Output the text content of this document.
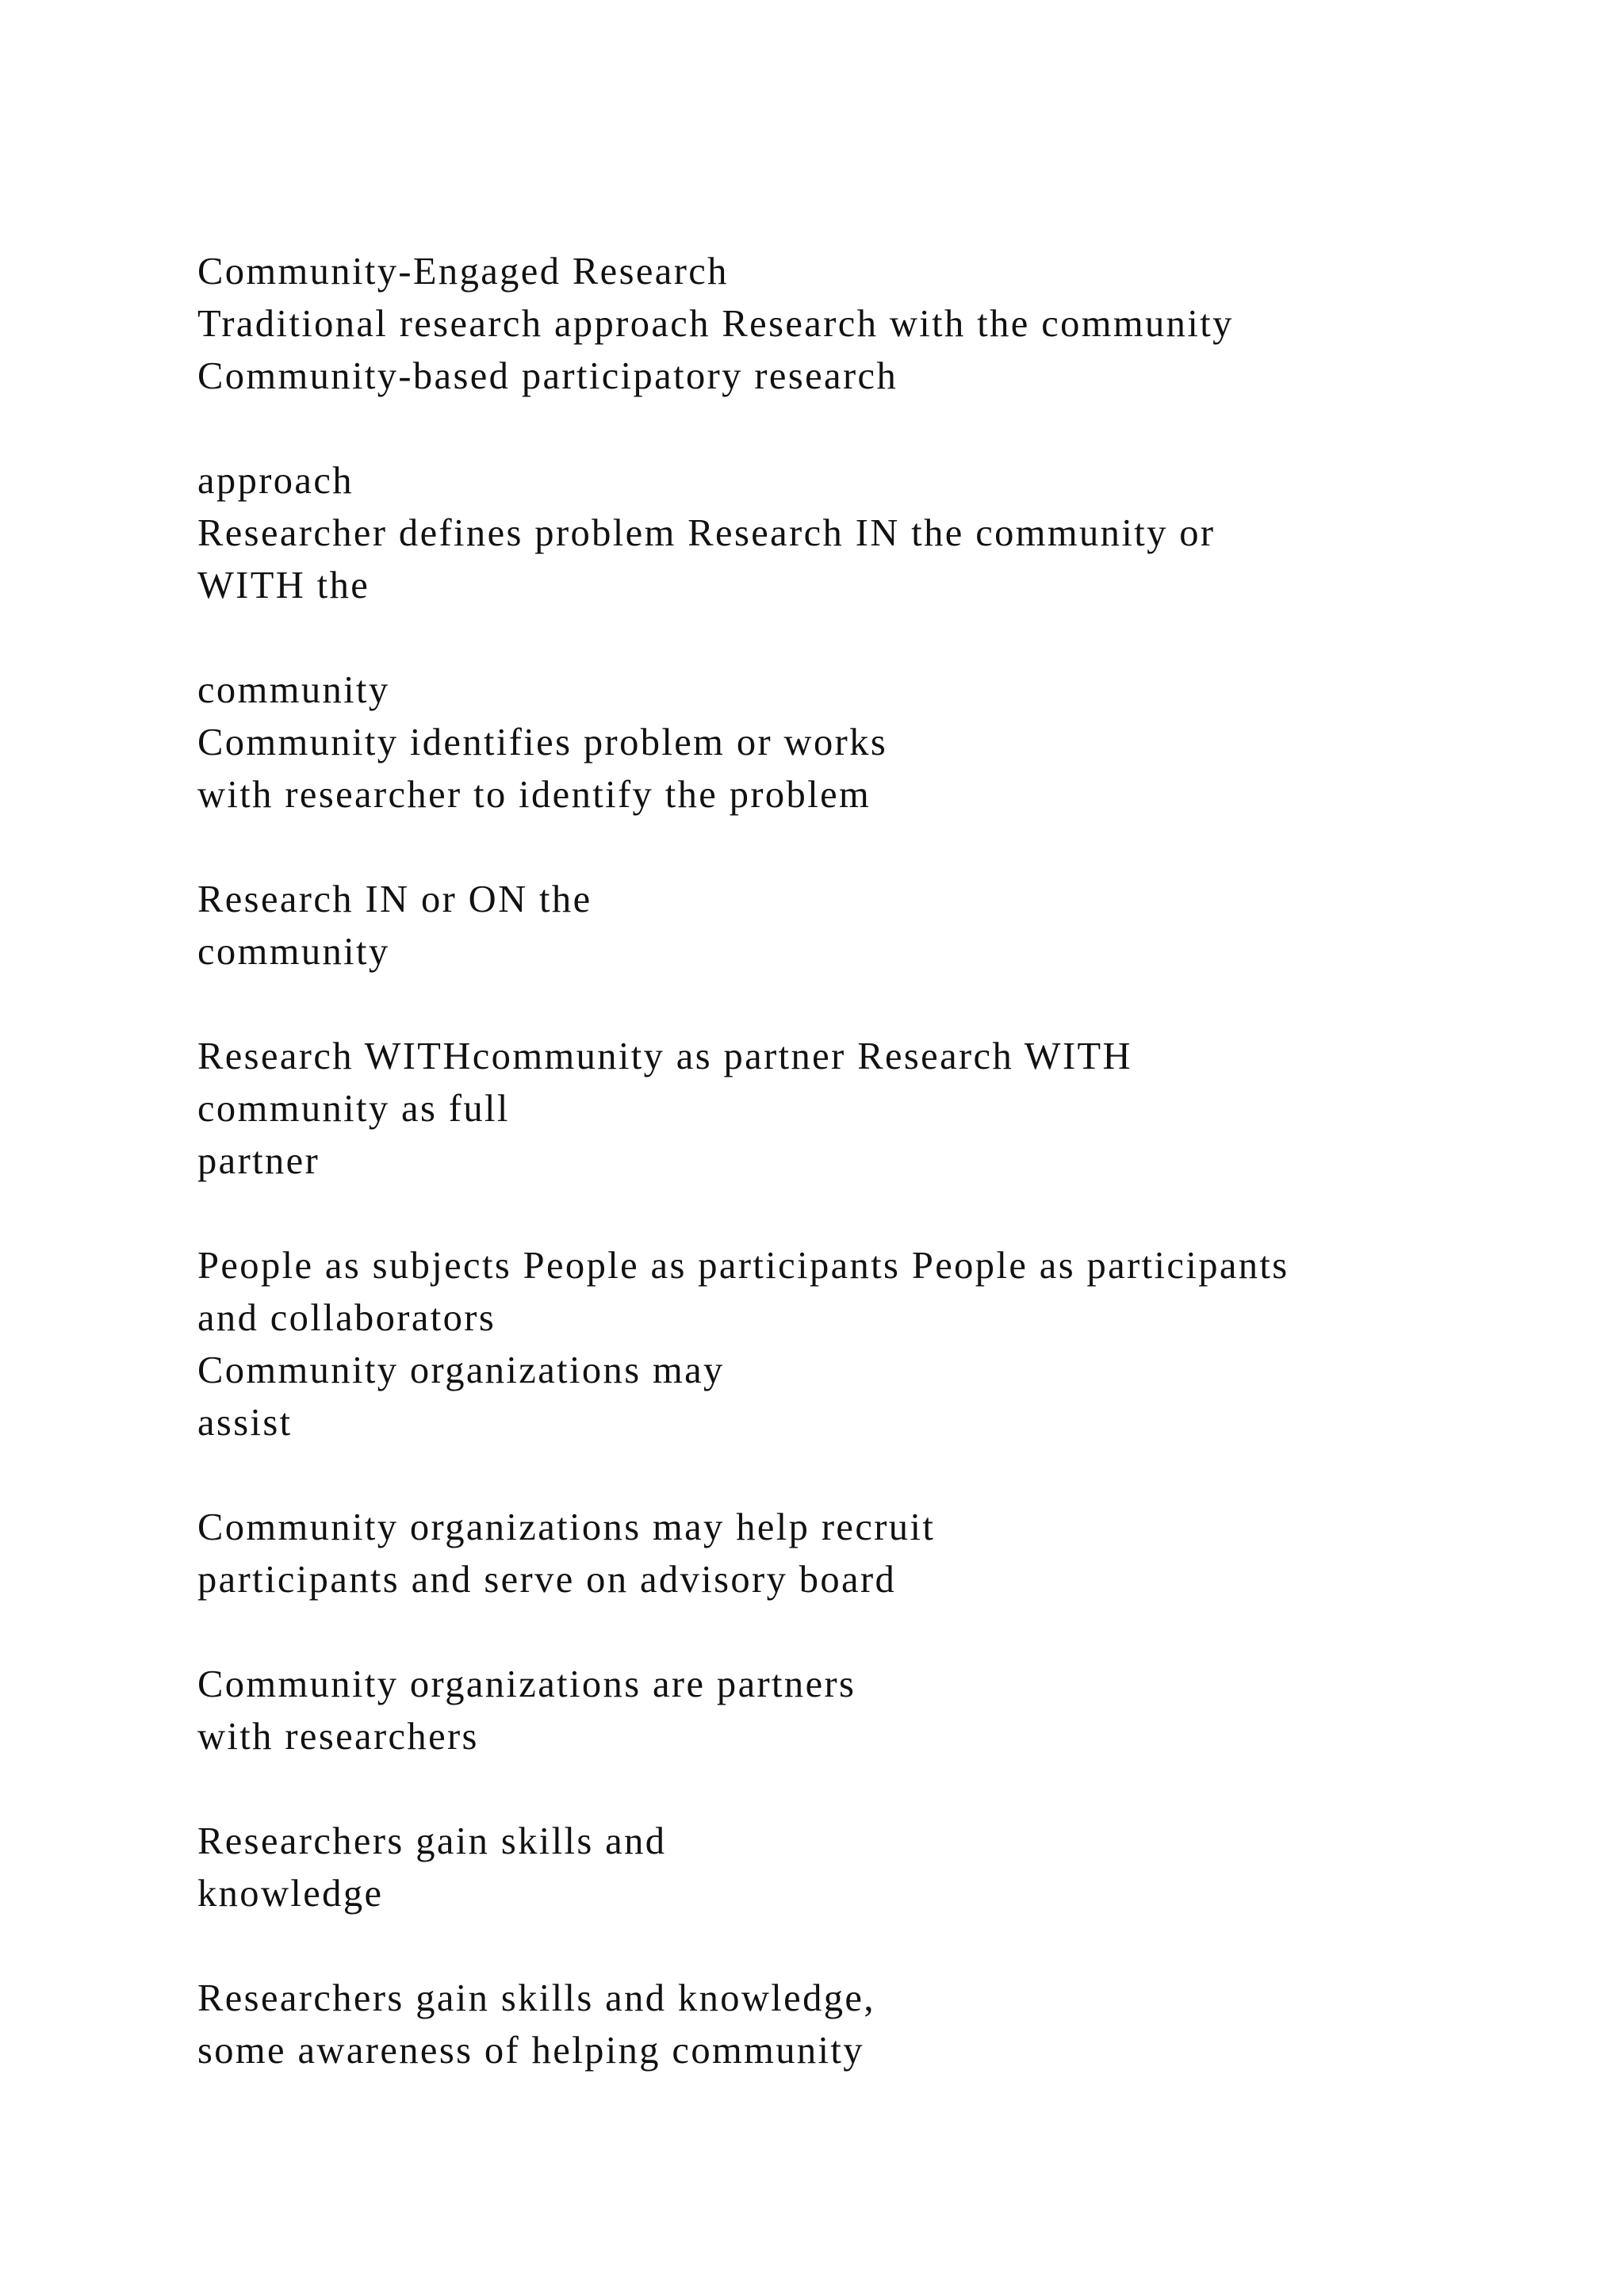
Community-Engaged Research
Traditional research approach Research with the community
Community-based participatory research
approach
Researcher defines problem Research IN the community or
WITH the
community
Community identifies problem or works
with researcher to identify the problem
Research IN or ON the
community
Research WITHcommunity as partner Research WITH
community as full
partner
People as subjects People as participants People as participants
and collaborators
Community organizations may
assist
Community organizations may help recruit
participants and serve on advisory board
Community organizations are partners
with researchers
Researchers gain skills and
knowledge
Researchers gain skills and knowledge,
some awareness of helping community
